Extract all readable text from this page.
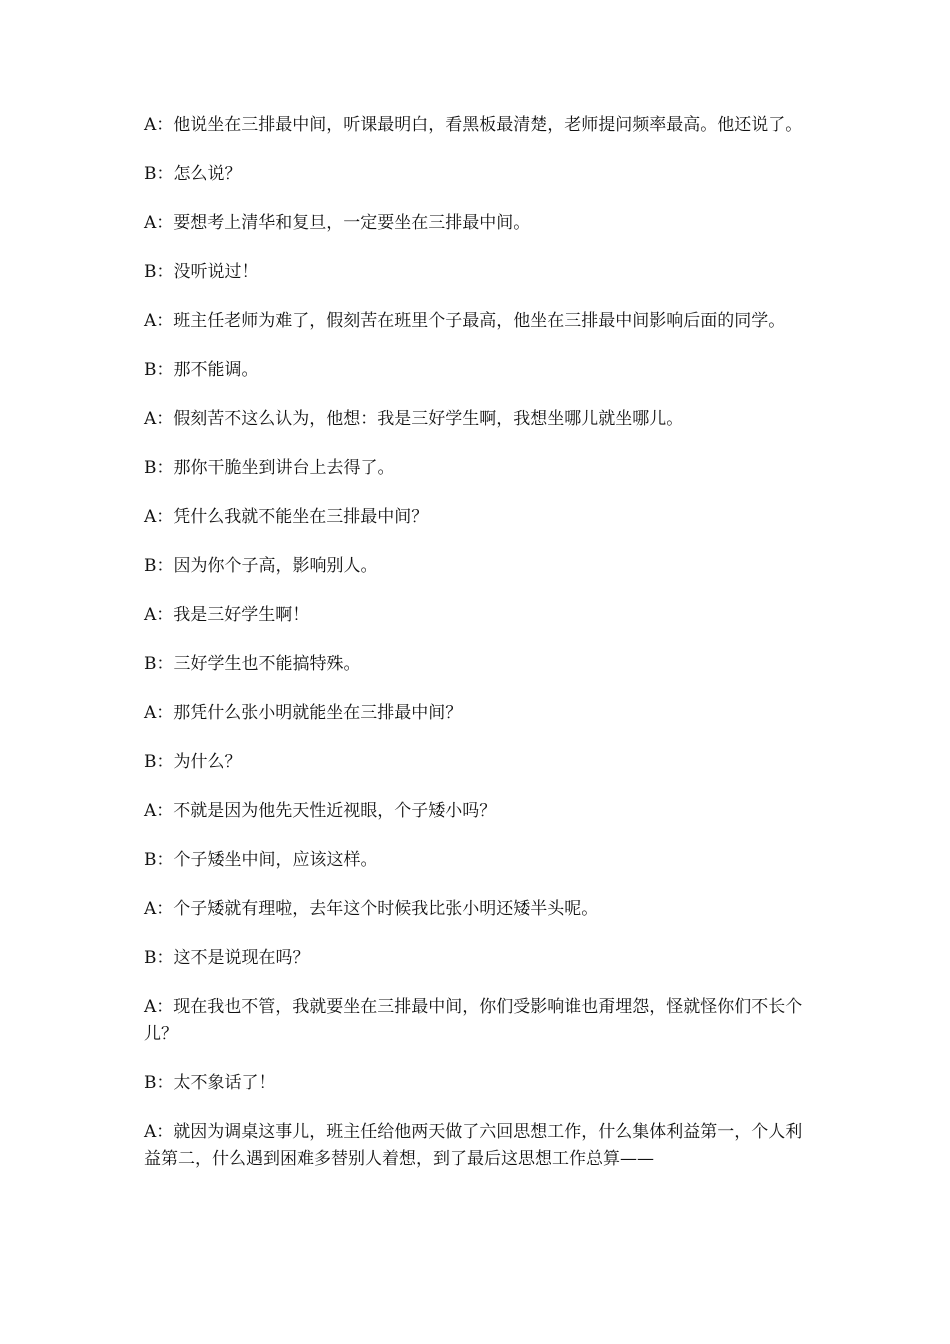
A：他说坐在三排最中间，听课最明白，看黑板最清楚，老师提问频率最高。他还说了。

B：怎么说？

A：要想考上清华和复旦，一定要坐在三排最中间。

B：没听说过！

A：班主任老师为难了，假刻苦在班里个子最高，他坐在三排最中间影响后面的同学。

B：那不能调。

A：假刻苦不这么认为，他想：我是三好学生啊，我想坐哪儿就坐哪儿。

B：那你干脆坐到讲台上去得了。

A：凭什么我就不能坐在三排最中间？

B：因为你个子高，影响别人。

A：我是三好学生啊！

B：三好学生也不能搞特殊。

A：那凭什么张小明就能坐在三排最中间？

B：为什么？

A：不就是因为他先天性近视眼，个子矮小吗？

B：个子矮坐中间，应该这样。

A：个子矮就有理啦，去年这个时候我比张小明还矮半头呢。

B：这不是说现在吗？

A：现在我也不管，我就要坐在三排最中间，你们受影响谁也甭埋怨，怪就怪你们不长个儿？

B：太不象话了！

A：就因为调桌这事儿，班主任给他两天做了六回思想工作，什么集体利益第一，个人利益第二，什么遇到困难多替别人着想，到了最后这思想工作总算——
